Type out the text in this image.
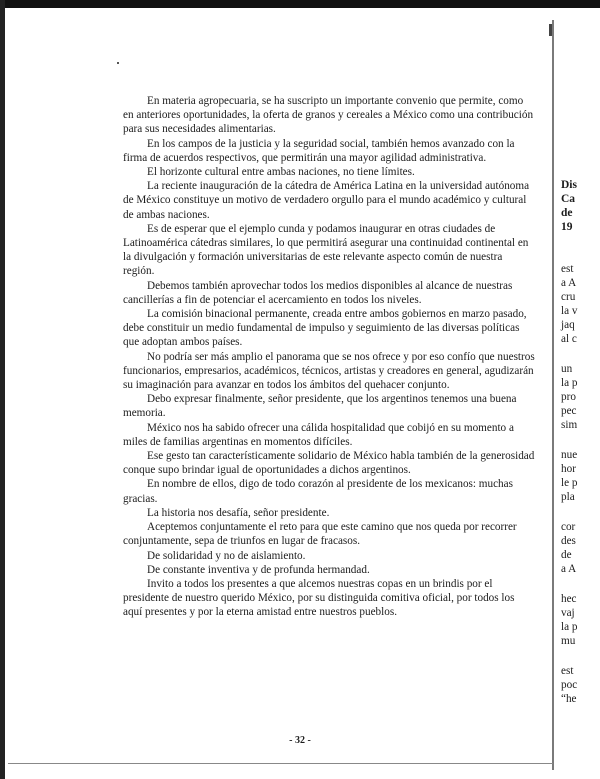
En materia agropecuaria, se ha suscripto un importante convenio que permite, como en anteriores oportunidades, la oferta de granos y cereales a México como una contribución para sus necesidades alimentarias.

En los campos de la justicia y la seguridad social, también hemos avanzado con la firma de acuerdos respectivos, que permitirán una mayor agilidad administrativa.

El horizonte cultural entre ambas naciones, no tiene límites.

La reciente inauguración de la cátedra de América Latina en la universidad autónoma de México constituye un motivo de verdadero orgullo para el mundo académico y cultural de ambas naciones.

Es de esperar que el ejemplo cunda y podamos inaugurar en otras ciudades de Latinoamérica cátedras similares, lo que permitirá asegurar una continuidad continental en la divulgación y formación universitarias de este relevante aspecto común de nuestra región.

Debemos también aprovechar todos los medios disponibles al alcance de nuestras cancillerías a fin de potenciar el acercamiento en todos los niveles.

La comisión binacional permanente, creada entre ambos gobiernos en marzo pasado, debe constituir un medio fundamental de impulso y seguimiento de las diversas políticas que adoptan ambos países.

No podría ser más amplio el panorama que se nos ofrece y por eso confío que nuestros funcionarios, empresarios, académicos, técnicos, artistas y creadores en general, agudizarán su imaginación para avanzar en todos los ámbitos del quehacer conjunto.

Debo expresar finalmente, señor presidente, que los argentinos tenemos una buena memoria.

México nos ha sabido ofrecer una cálida hospitalidad que cobijó en su momento a miles de familias argentinas en momentos difíciles.

Ese gesto tan característicamente solidario de México habla también de la generosidad conque supo brindar igual de oportunidades a dichos argentinos.

En nombre de ellos, digo de todo corazón al presidente de los mexicanos: muchas gracias.

La historia nos desafía, señor presidente.

Aceptemos conjuntamente el reto para que este camino que nos queda por recorrer conjuntamente, sepa de triunfos en lugar de fracasos.

De solidaridad y no de aislamiento.

De constante inventiva y de profunda hermandad.

Invito a todos los presentes a que alcemos nuestras copas en un brindis por el presidente de nuestro querido México, por su distinguida comitiva oficial, por todos los aquí presentes y por la eterna amistad entre nuestros pueblos.

- 32 -
Dis
Ca
de
19
est
a A
cru
la v
jaq
al c
un
la p
pro
pec
sim
nue
hor
le p
pla
cor
des
de
a A
hec
vaj
la p
mu
est
poc
“he
